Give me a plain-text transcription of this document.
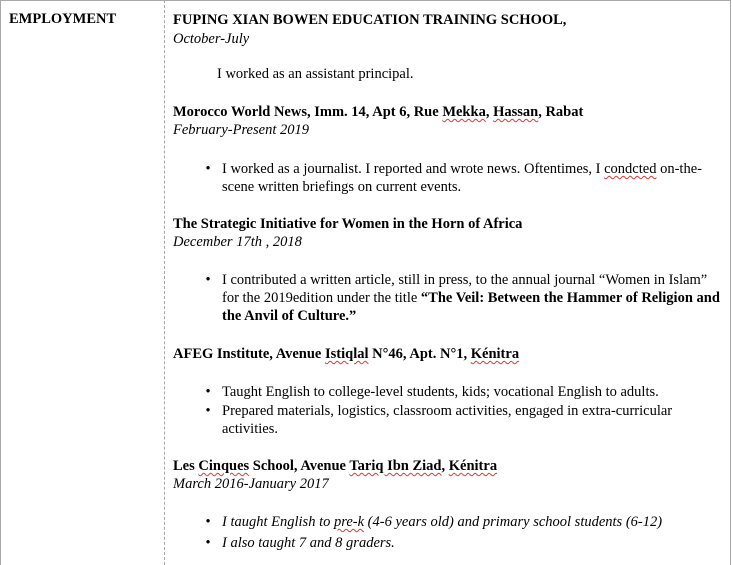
EMPLOYMENT	FUPING XIAN BOWEN EDUCATION TRAINING SCHOOL,
October-July
I worked as an assistant principal.
Morocco World News, Imm. 14, Apt 6, Rue Mekka, Hassan, Rabat
February-Present 2019
• I worked as a journalist. I reported and wrote news. Oftentimes, I condcted on-the-scene written briefings on current events.
The Strategic Initiative for Women in the Horn of Africa
December 17th , 2018
• I contributed a written article, still in press, to the annual journal “Women in Islam” for the 2019edition under the title “The Veil: Between the Hammer of Religion and the Anvil of Culture.”
AFEG Institute, Avenue Istiqlal N°46, Apt. N°1, Kénitra
• Taught English to college-level students, kids; vocational English to adults.
• Prepared materials, logistics, classroom activities, engaged in extra-curricular activities.
Les Cinques School, Avenue Tariq Ibn Ziad, Kénitra
March 2016-January 2017
• I taught English to pre-k (4-6 years old) and primary school students (6-12)
• I also taught 7 and 8 graders.
